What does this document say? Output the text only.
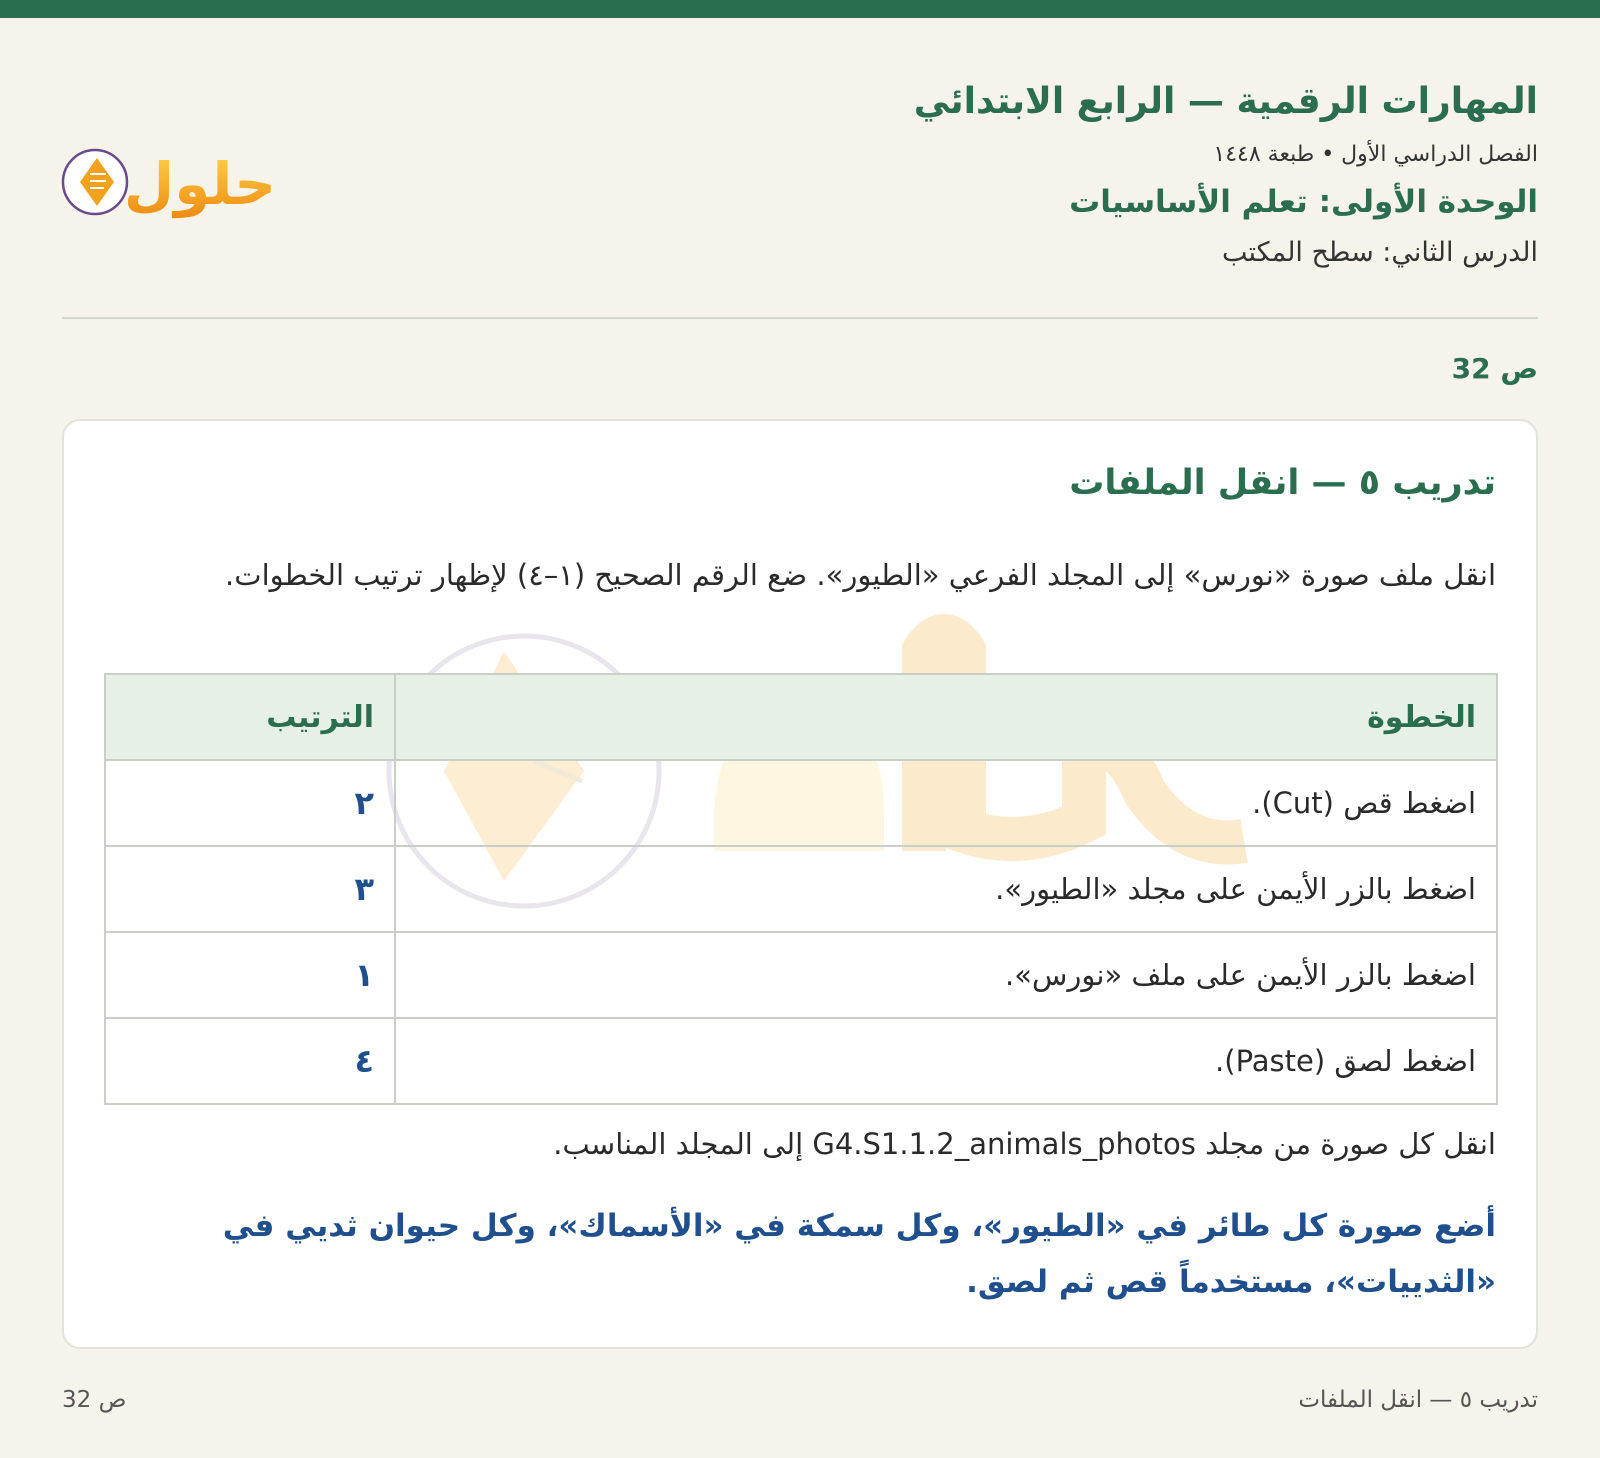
المهارات الرقمية — الرابع الابتدائي
الفصل الدراسي الأول • طبعة ١٤٤٨
الوحدة الأولى: تعلم الأساسيات
الدرس الثاني: سطح المكتب
حلول
ص 32
تدريب ٥ — انقل الملفات
انقل ملف صورة «نورس» إلى المجلد الفرعي «الطيور». ضع الرقم الصحيح (١–٤) لإظهار ترتيب الخطوات.
الخطوة	الترتيب
اضغط قص (Cut).	٢
اضغط بالزر الأيمن على مجلد «الطيور».	٣
اضغط بالزر الأيمن على ملف «نورس».	١
اضغط لصق (Paste).	٤
انقل كل صورة من مجلد G4.S1.1.2_animals_photos إلى المجلد المناسب.
أضع صورة كل طائر في «الطيور»، وكل سمكة في «الأسماك»، وكل حيوان ثديي في «الثدييات»، مستخدماً قص ثم لصق.
ص 32	تدريب ٥ — انقل الملفات
